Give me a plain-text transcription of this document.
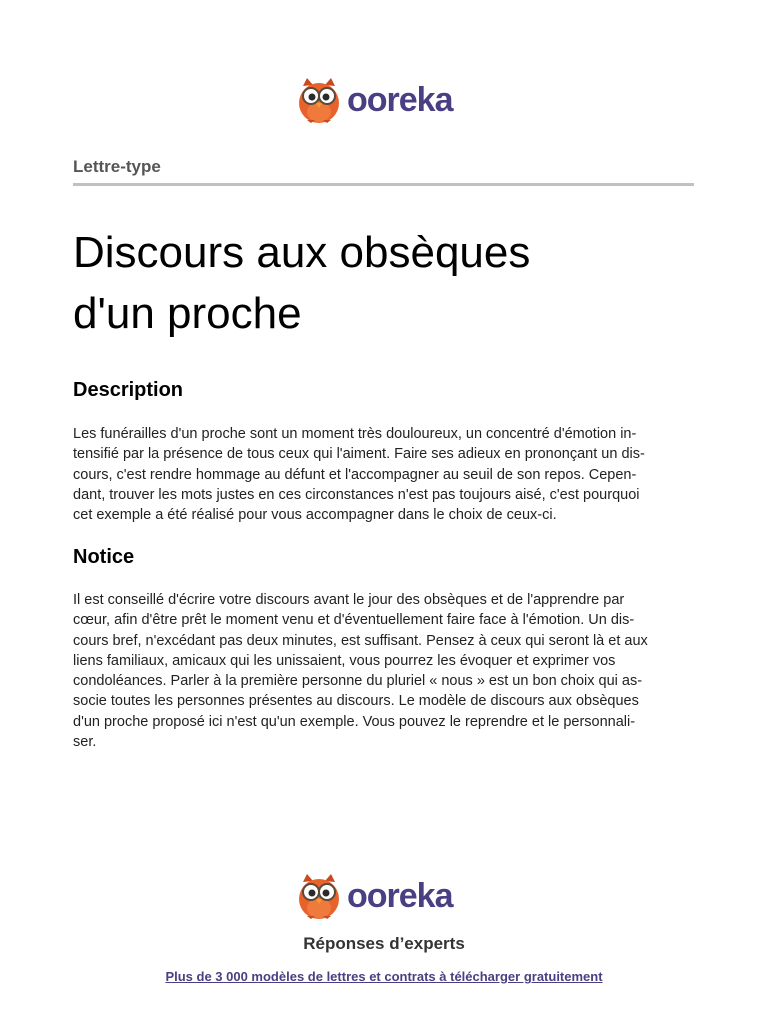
ooreka
Lettre-type
Discours aux obsèques
d'un proche
Description

Les funérailles d'un proche sont un moment très douloureux, un concentré d'émotion in-
tensifié par la présence de tous ceux qui l'aiment. Faire ses adieux en prononçant un dis-
cours, c'est rendre hommage au défunt et l'accompagner au seuil de son repos. Cepen-
dant, trouver les mots justes en ces circonstances n'est pas toujours aisé, c'est pourquoi
cet exemple a été réalisé pour vous accompagner dans le choix de ceux-ci.

Notice

Il est conseillé d'écrire votre discours avant le jour des obsèques et de l'apprendre par
cœur, afin d'être prêt le moment venu et d'éventuellement faire face à l'émotion. Un dis-
cours bref, n'excédant pas deux minutes, est suffisant. Pensez à ceux qui seront là et aux
liens familiaux, amicaux qui les unissaient, vous pourrez les évoquer et exprimer vos
condoléances. Parler à la première personne du pluriel « nous » est un bon choix qui as-
socie toutes les personnes présentes au discours. Le modèle de discours aux obsèques
d'un proche proposé ici n'est qu'un exemple. Vous pouvez le reprendre et le personnali-
ser.

ooreka
Réponses d’experts
Plus de 3 000 modèles de lettres et contrats à télécharger gratuitement
